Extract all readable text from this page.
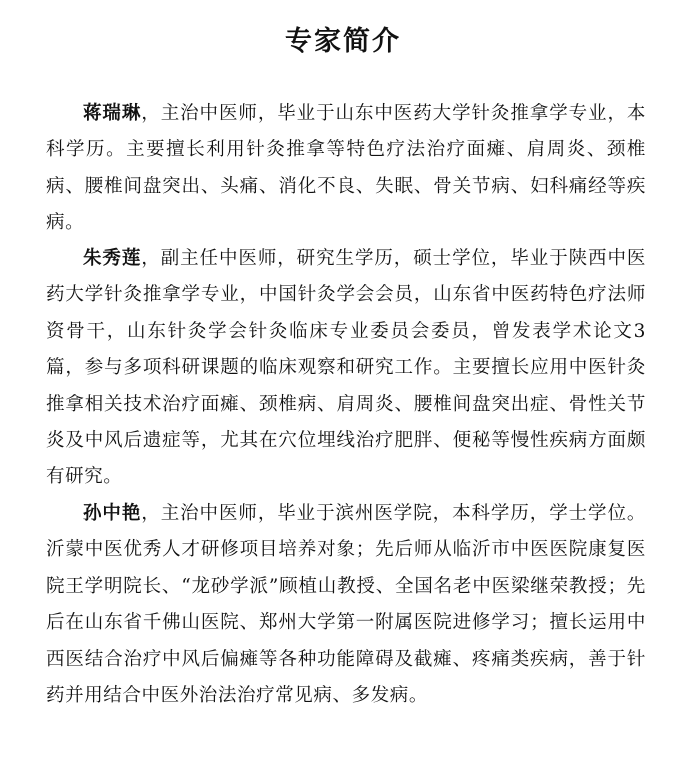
专家简介

蒋瑞琳，主治中医师，毕业于山东中医药大学针灸推拿学专业，本科学历。主要擅长利用针灸推拿等特色疗法治疗面瘫、肩周炎、颈椎病、腰椎间盘突出、头痛、消化不良、失眠、骨关节病、妇科痛经等疾病。

朱秀莲，副主任中医师，研究生学历，硕士学位，毕业于陕西中医药大学针灸推拿学专业，中国针灸学会会员，山东省中医药特色疗法师资骨干，山东针灸学会针灸临床专业委员会委员，曾发表学术论文3篇，参与多项科研课题的临床观察和研究工作。主要擅长应用中医针灸推拿相关技术治疗面瘫、颈椎病、肩周炎、腰椎间盘突出症、骨性关节炎及中风后遗症等，尤其在穴位埋线治疗肥胖、便秘等慢性疾病方面颇有研究。

孙中艳，主治中医师，毕业于滨州医学院，本科学历，学士学位。沂蒙中医优秀人才研修项目培养对象；先后师从临沂市中医医院康复医院王学明院长、“龙砂学派”顾植山教授、全国名老中医梁继荣教授；先后在山东省千佛山医院、郑州大学第一附属医院进修学习；擅长运用中西医结合治疗中风后偏瘫等各种功能障碍及截瘫、疼痛类疾病，善于针药并用结合中医外治法治疗常见病、多发病。
